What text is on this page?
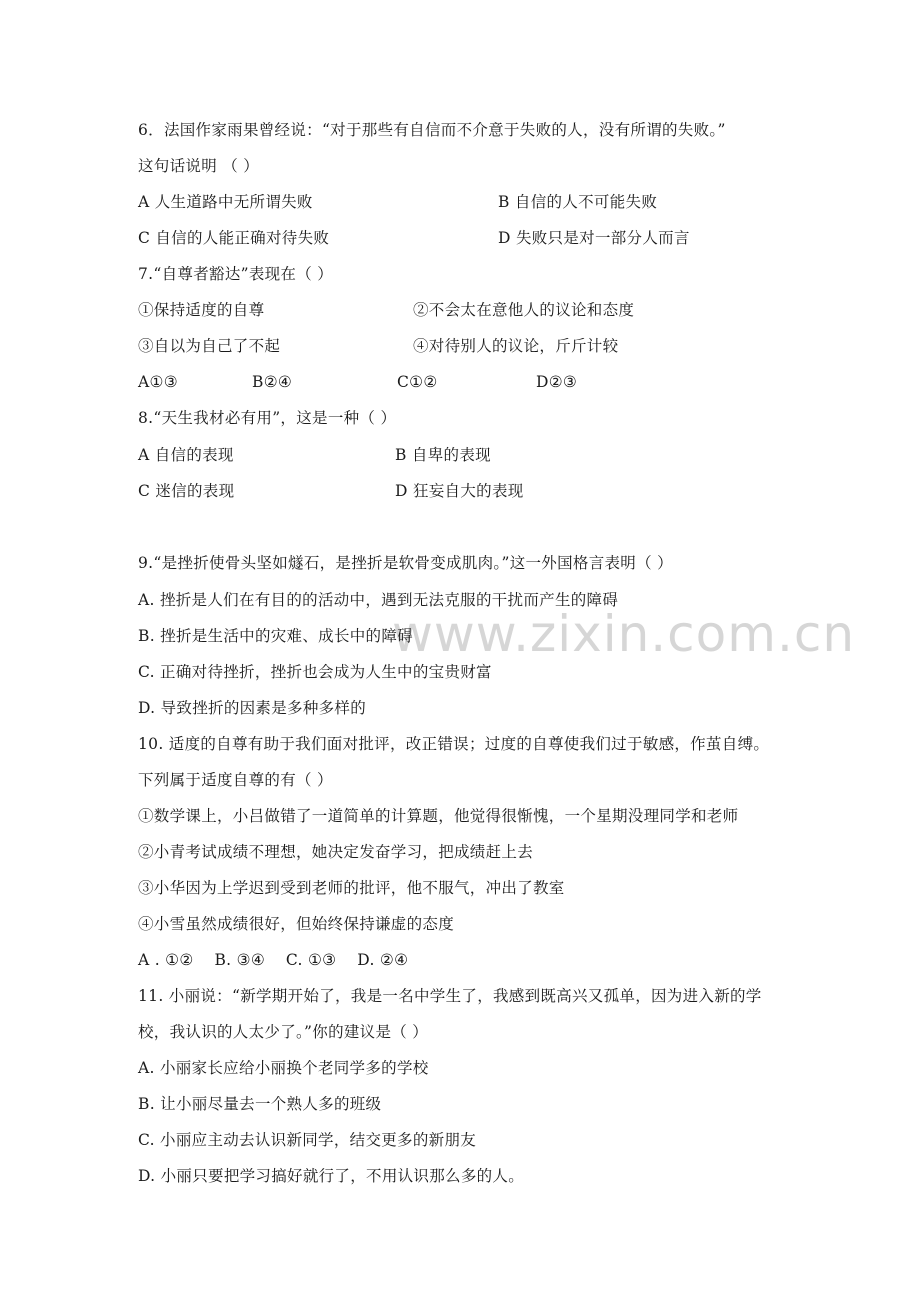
www.zixin.com.cn
6．法国作家雨果曾经说：“对于那些有自信而不介意于失败的人，没有所谓的失败。”
这句话说明 （ ）
A 人生道路中无所谓失败	B 自信的人不可能失败
C 自信的人能正确对待失败	D 失败只是对一部分人而言
7.“自尊者豁达”表现在（ ）
①保持适度的自尊	②不会太在意他人的议论和态度
③自以为自己了不起	④对待别人的议论，斤斤计较
A①③	B②④	C①②	D②③
8.“天生我材必有用”，这是一种（ ）
A 自信的表现	B 自卑的表现
C 迷信的表现	D 狂妄自大的表现
9.“是挫折使骨头坚如燧石，是挫折是软骨变成肌肉。”这一外国格言表明（ ）
A. 挫折是人们在有目的的活动中，遇到无法克服的干扰而产生的障碍
B. 挫折是生活中的灾难、成长中的障碍
C. 正确对待挫折，挫折也会成为人生中的宝贵财富
D. 导致挫折的因素是多种多样的
10. 适度的自尊有助于我们面对批评，改正错误；过度的自尊使我们过于敏感，作茧自缚。
下列属于适度自尊的有（ ）
①数学课上，小吕做错了一道简单的计算题，他觉得很惭愧，一个星期没理同学和老师
②小青考试成绩不理想，她决定发奋学习，把成绩赶上去
③小华因为上学迟到受到老师的批评，他不服气，冲出了教室
④小雪虽然成绩很好，但始终保持谦虚的态度
A . ①②    B. ③④    C. ①③    D. ②④
11. 小丽说：“新学期开始了，我是一名中学生了，我感到既高兴又孤单，因为进入新的学
校，我认识的人太少了。”你的建议是（ ）
A. 小丽家长应给小丽换个老同学多的学校
B. 让小丽尽量去一个熟人多的班级
C. 小丽应主动去认识新同学，结交更多的新朋友
D. 小丽只要把学习搞好就行了，不用认识那么多的人。
